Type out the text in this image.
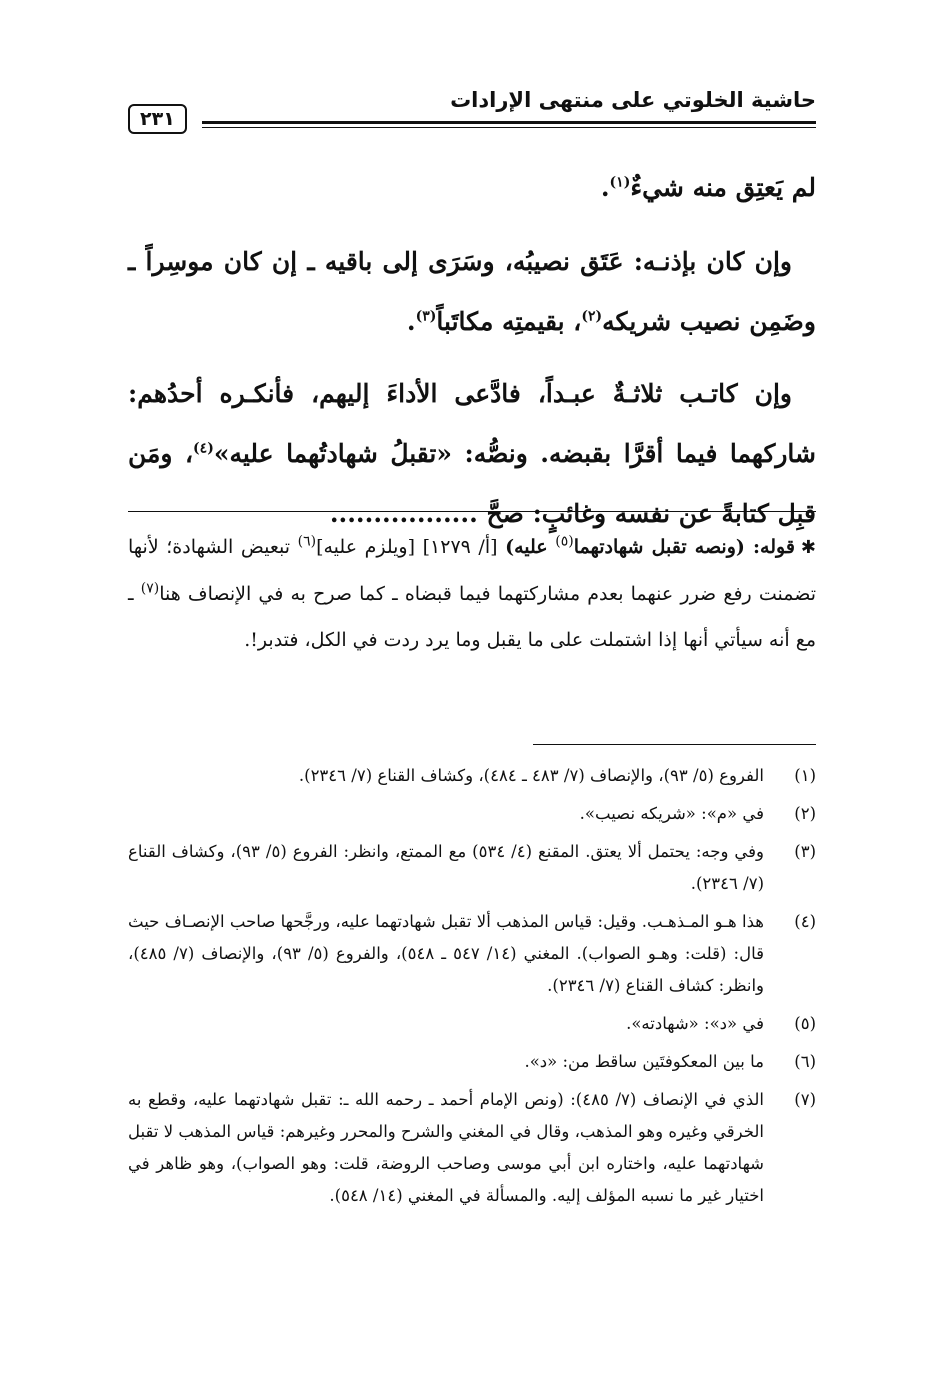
حاشية الخلوتي على منتهى الإرادات
٢٣١

لم يَعتِق منه شيءٌ$^{(١)}$.

وإن كان بإذنـه: عَتَق نصيبُه، وسَرَى إلى باقيه ـ إن كان موسِراً ـ وضَمِن نصيب شريكه$^{(٢)}$، بقيمتِه مكاتَباً$^{(٣)}$.

وإن كاتـب ثلاثـةٌ عبـداً، فادَّعى الأداءَ إليهم، فأنكـره أحدُهم: شاركهما فيما أقرَّا بقبضه. ونصُّه: «تقبلُ شهادتُهما عليه»$^{(٤)}$، ومَن قبِل كتابةً عن نفسه وغائبٍ: صحَّ .................

✱قوله: (ونصه تقبل شهادتهما$^{(٥)}$ عليه) [أ/ ١٢٧٩] [ويلزم عليه]$^{(٦)}$ تبعيض الشهادة؛ لأنها تضمنت رفع ضرر عنهما بعدم مشاركتهما فيما قبضاه ـ كما صرح به في الإنصاف هنا$^{(٧)}$ ـ مع أنه سيأتي أنها إذا اشتملت على ما يقبل وما يرد ردت في الكل، فتدبر!.

(١)
الفروع (٥/ ٩٣)، والإنصاف (٧/ ٤٨٣ ـ ٤٨٤)، وكشاف القناع (٧/ ٢٣٤٦).
(٢)
في «م»: «شريكه نصيب».
(٣)
وفي وجه: يحتمل ألا يعتق. المقنع (٤/ ٥٣٤) مع الممتع، وانظر: الفروع (٥/ ٩٣)، وكشاف القناع (٧/ ٢٣٤٦).
(٤)
هذا هـو المـذهـب. وقيل: قياس المذهب ألا تقبل شهادتهما عليه، ورجَّحها صاحب الإنصـاف حيث قال: (قلت: وهـو الصواب). المغني (١٤/ ٥٤٧ ـ ٥٤٨)، والفروع (٥/ ٩٣)، والإنصاف (٧/ ٤٨٥)، وانظر: كشاف القناع (٧/ ٢٣٤٦).
(٥)
في «د»: «شهادته».
(٦)
ما بين المعكوفتَين ساقط من: «د».
(٧)
الذي في الإنصاف (٧/ ٤٨٥): (ونص الإمام أحمد ـ رحمه الله ـ: تقبل شهادتهما عليه، وقطع به الخرقي وغيره وهو المذهب، وقال في المغني والشرح والمحرر وغيرهم: قياس المذهب لا تقبل شهادتهما عليه، واختاره ابن أبي موسى وصاحب الروضة، قلت: وهو الصواب)، وهو ظاهر في اختيار غير ما نسبه المؤلف إليه. والمسألة في المغني (١٤/ ٥٤٨).
